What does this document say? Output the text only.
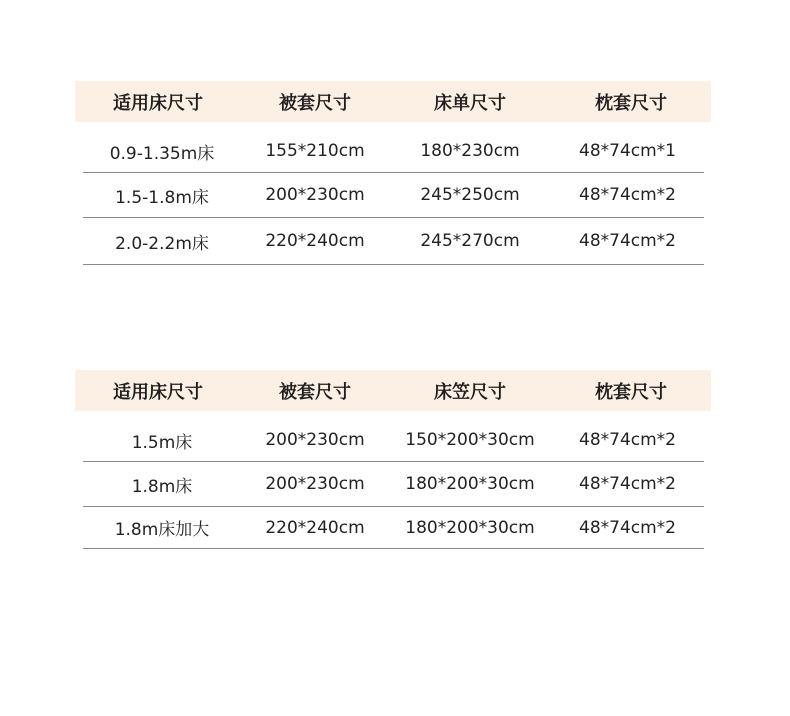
适用床尺寸	被套尺寸	床单尺寸	枕套尺寸
0.9-1.35m床	155*210cm	180*230cm	48*74cm*1
1.5-1.8m床	200*230cm	245*250cm	48*74cm*2
2.0-2.2m床	220*240cm	245*270cm	48*74cm*2
适用床尺寸	被套尺寸	床笠尺寸	枕套尺寸
1.5m床	200*230cm	150*200*30cm	48*74cm*2
1.8m床	200*230cm	180*200*30cm	48*74cm*2
1.8m床加大	220*240cm	180*200*30cm	48*74cm*2
